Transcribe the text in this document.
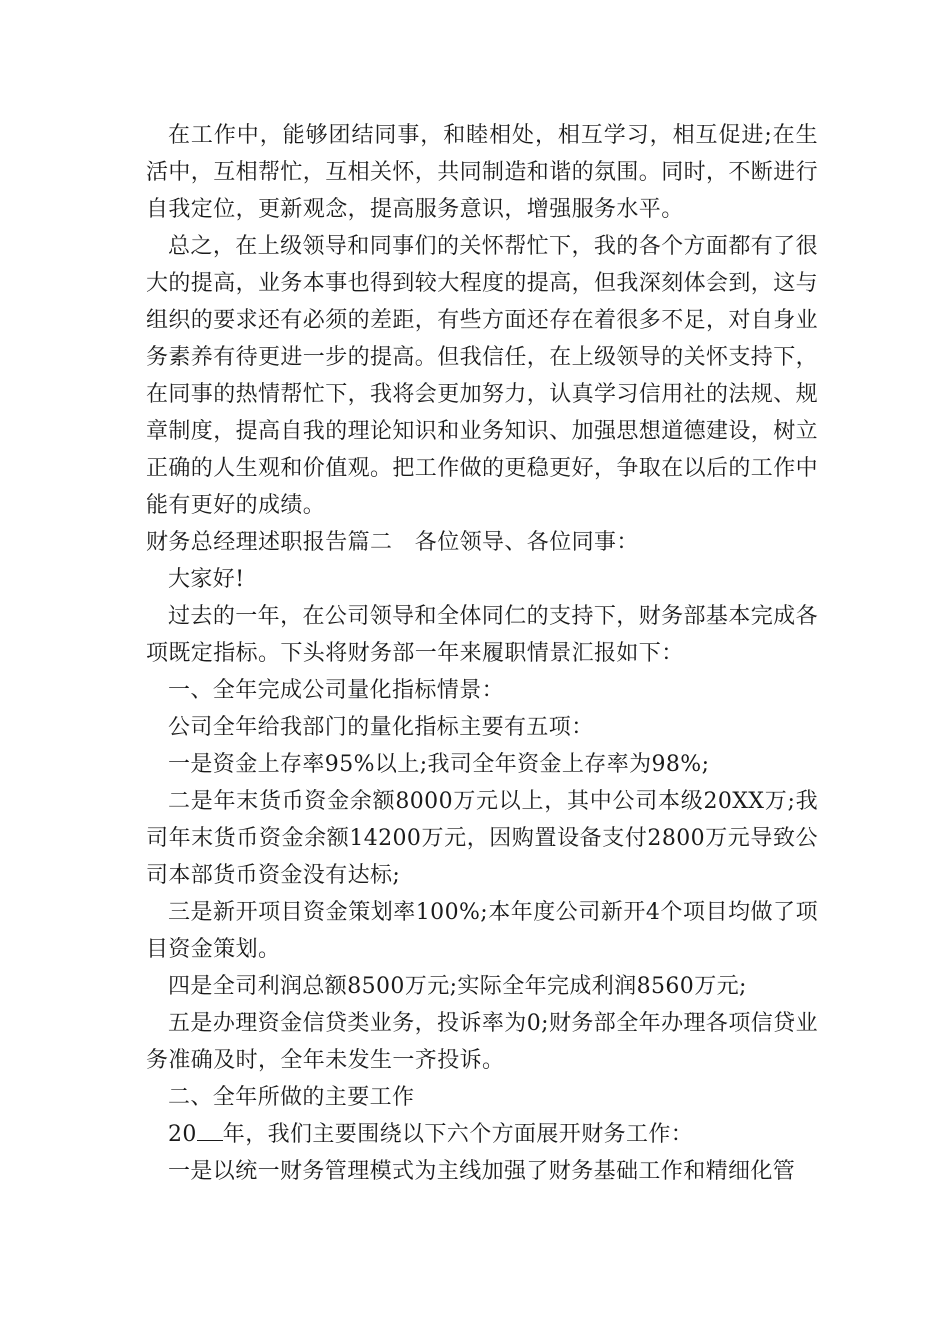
在工作中，能够团结同事，和睦相处，相互学习，相互促进;在生活中，互相帮忙，互相关怀，共同制造和谐的氛围。同时，不断进行自我定位，更新观念，提高服务意识，增强服务水平。

总之，在上级领导和同事们的关怀帮忙下，我的各个方面都有了很大的提高，业务本事也得到较大程度的提高，但我深刻体会到，这与组织的要求还有必须的差距，有些方面还存在着很多不足，对自身业务素养有待更进一步的提高。但我信任，在上级领导的关怀支持下，在同事的热情帮忙下，我将会更加努力，认真学习信用社的法规、规章制度，提高自我的理论知识和业务知识、加强思想道德建设，树立正确的人生观和价值观。把工作做的更稳更好，争取在以后的工作中能有更好的成绩。

财务总经理述职报告篇二　各位领导、各位同事：

大家好!

过去的一年，在公司领导和全体同仁的支持下，财务部基本完成各项既定指标。下头将财务部一年来履职情景汇报如下：

一、全年完成公司量化指标情景：

公司全年给我部门的量化指标主要有五项：

一是资金上存率95%以上;我司全年资金上存率为98%;

二是年末货币资金余额8000万元以上，其中公司本级20XX万;我司年末货币资金余额14200万元，因购置设备支付2800万元导致公司本部货币资金没有达标;

三是新开项目资金策划率100%;本年度公司新开4个项目均做了项目资金策划。

四是全司利润总额8500万元;实际全年完成利润8560万元;

五是办理资金信贷类业务，投诉率为0;财务部全年办理各项信贷业务准确及时，全年未发生一齐投诉。

二、全年所做的主要工作

20 年，我们主要围绕以下六个方面展开财务工作：

一是以统一财务管理模式为主线加强了财务基础工作和精细化管
